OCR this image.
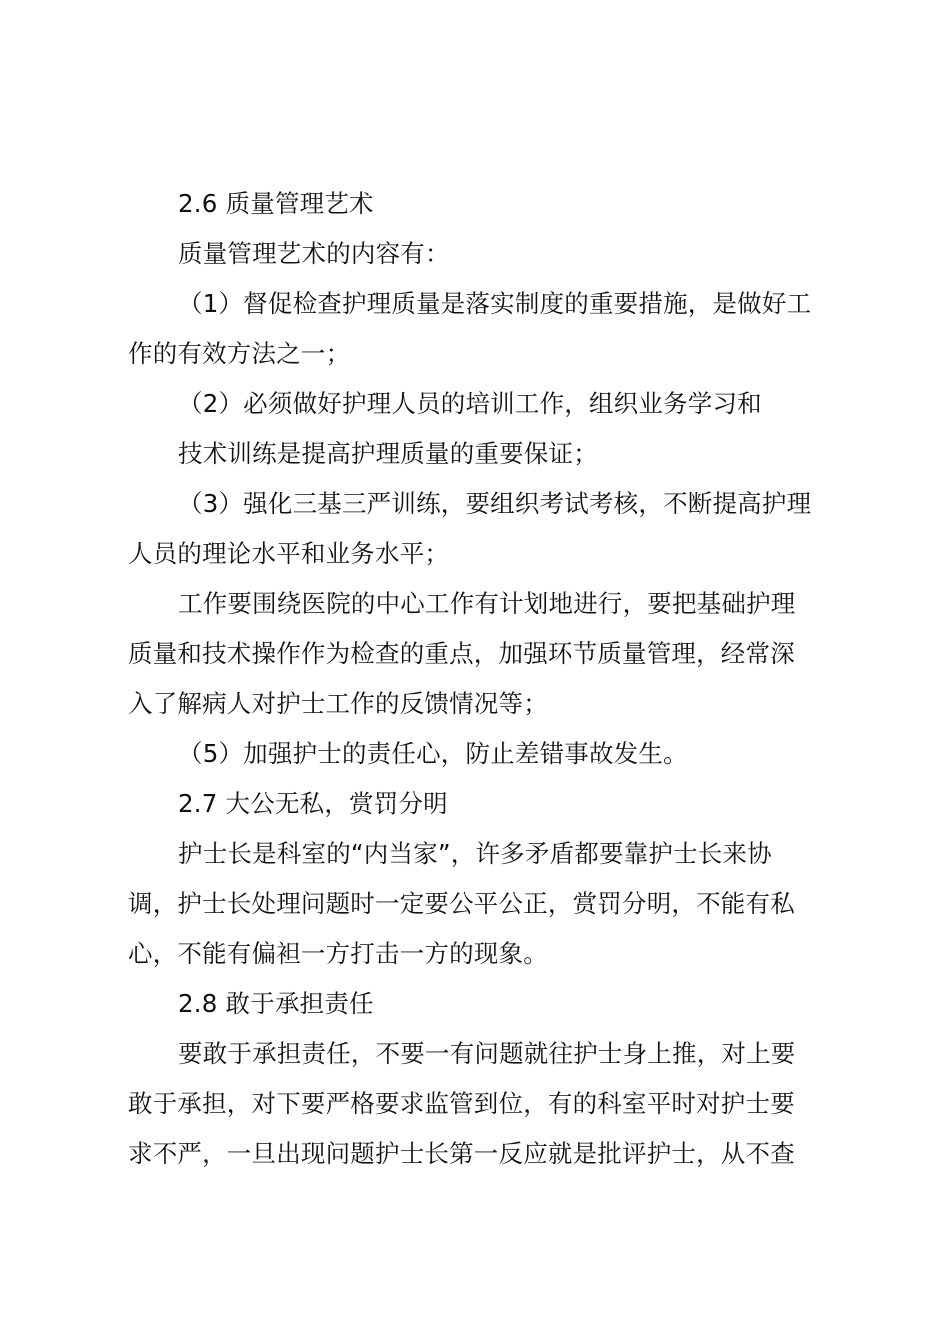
2.6 质量管理艺术
质量管理艺术的内容有：
（1）督促检查护理质量是落实制度的重要措施，是做好工
作的有效方法之一；
（2）必须做好护理人员的培训工作，组织业务学习和
技术训练是提高护理质量的重要保证；
（3）强化三基三严训练，要组织考试考核，不断提高护理
人员的理论水平和业务水平；
工作要围绕医院的中心工作有计划地进行，要把基础护理
质量和技术操作作为检查的重点，加强环节质量管理，经常深
入了解病人对护士工作的反馈情况等；
（5）加强护士的责任心，防止差错事故发生。
2.7 大公无私，赏罚分明
护士长是科室的“内当家”，许多矛盾都要靠护士长来协
调，护士长处理问题时一定要公平公正，赏罚分明，不能有私
心，不能有偏袒一方打击一方的现象。
2.8 敢于承担责任
要敢于承担责任，不要一有问题就往护士身上推，对上要
敢于承担，对下要严格要求监管到位，有的科室平时对护士要
求不严，一旦出现问题护士长第一反应就是批评护士，从不查
